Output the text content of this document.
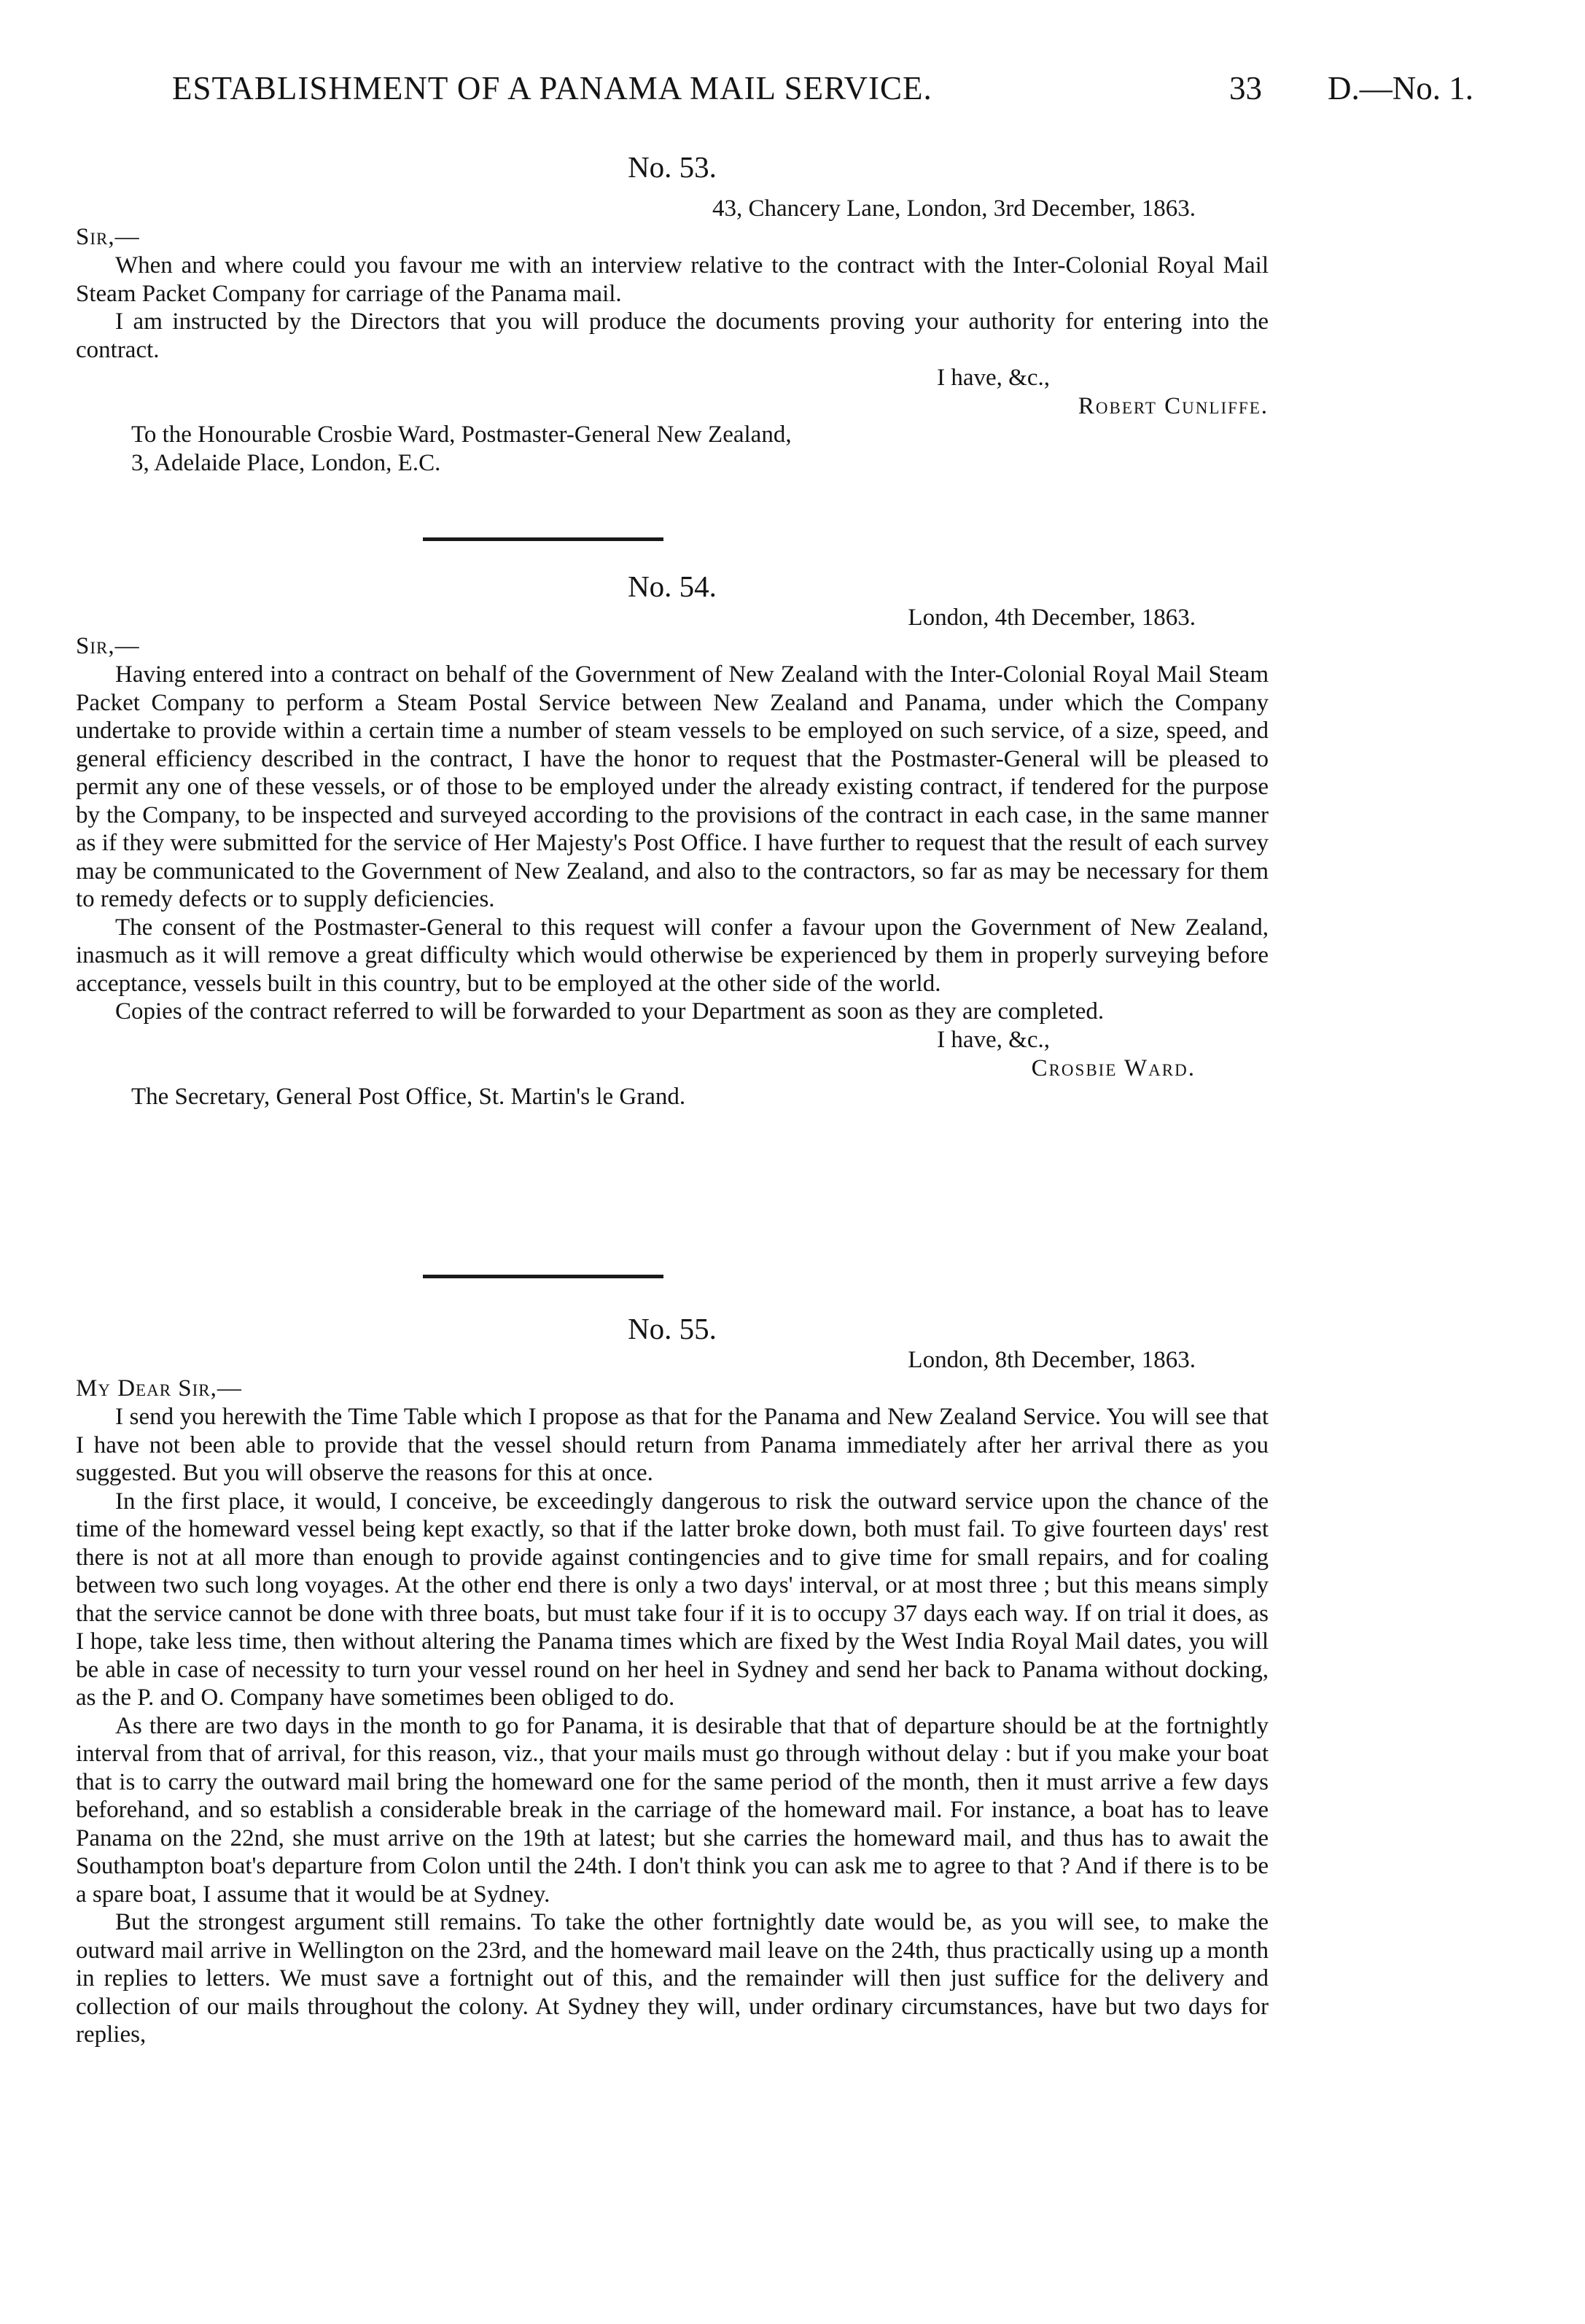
ESTABLISHMENT OF A PANAMA MAIL SERVICE.	33 D.—No. 1.
No. 53.
43, Chancery Lane, London, 3rd December, 1863.
Sir,—

When and where could you favour me with an interview relative to the contract with the Inter-Colonial Royal Mail Steam Packet Company for carriage of the Panama mail.

I am instructed by the Directors that you will produce the documents proving your authority for entering into the contract.

I have, &c.,
Robert Cunliffe.
To the Honourable Crosbie Ward, Postmaster-General New Zealand,
3, Adelaide Place, London, E.C.
No. 54.
London, 4th December, 1863.
Sir,—

Having entered into a contract on behalf of the Government of New Zealand with the Inter-Colonial Royal Mail Steam Packet Company to perform a Steam Postal Service between New Zealand and Panama, under which the Company undertake to provide within a certain time a number of steam vessels to be employed on such service, of a size, speed, and general efficiency described in the contract, I have the honor to request that the Postmaster-General will be pleased to permit any one of these vessels, or of those to be employed under the already existing contract, if tendered for the purpose by the Company, to be inspected and surveyed according to the provisions of the contract in each case, in the same manner as if they were submitted for the service of Her Majesty's Post Office. I have further to request that the result of each survey may be communicated to the Government of New Zealand, and also to the contractors, so far as may be necessary for them to remedy defects or to supply deficiencies.

The consent of the Postmaster-General to this request will confer a favour upon the Government of New Zealand, inasmuch as it will remove a great difficulty which would otherwise be experienced by them in properly surveying before acceptance, vessels built in this country, but to be employed at the other side of the world.

Copies of the contract referred to will be forwarded to your Department as soon as they are completed.

I have, &c.,
Crosbie Ward.
The Secretary, General Post Office, St. Martin's le Grand.
No. 55.
London, 8th December, 1863.
My Dear Sir,—

I send you herewith the Time Table which I propose as that for the Panama and New Zealand Service. You will see that I have not been able to provide that the vessel should return from Panama immediately after her arrival there as you suggested. But you will observe the reasons for this at once.

In the first place, it would, I conceive, be exceedingly dangerous to risk the outward service upon the chance of the time of the homeward vessel being kept exactly, so that if the latter broke down, both must fail. To give fourteen days' rest there is not at all more than enough to provide against contingencies and to give time for small repairs, and for coaling between two such long voyages. At the other end there is only a two days' interval, or at most three ; but this means simply that the service cannot be done with three boats, but must take four if it is to occupy 37 days each way. If on trial it does, as I hope, take less time, then without altering the Panama times which are fixed by the West India Royal Mail dates, you will be able in case of necessity to turn your vessel round on her heel in Sydney and send her back to Panama without docking, as the P. and O. Company have sometimes been obliged to do.

As there are two days in the month to go for Panama, it is desirable that that of departure should be at the fortnightly interval from that of arrival, for this reason, viz., that your mails must go through without delay : but if you make your boat that is to carry the outward mail bring the homeward one for the same period of the month, then it must arrive a few days beforehand, and so establish a considerable break in the carriage of the homeward mail. For instance, a boat has to leave Panama on the 22nd, she must arrive on the 19th at latest; but she carries the homeward mail, and thus has to await the Southampton boat's departure from Colon until the 24th. I don't think you can ask me to agree to that ? And if there is to be a spare boat, I assume that it would be at Sydney.

But the strongest argument still remains. To take the other fortnightly date would be, as you will see, to make the outward mail arrive in Wellington on the 23rd, and the homeward mail leave on the 24th, thus practically using up a month in replies to letters. We must save a fortnight out of this, and the remainder will then just suffice for the delivery and collection of our mails throughout the colony. At Sydney they will, under ordinary circumstances, have but two days for replies,
